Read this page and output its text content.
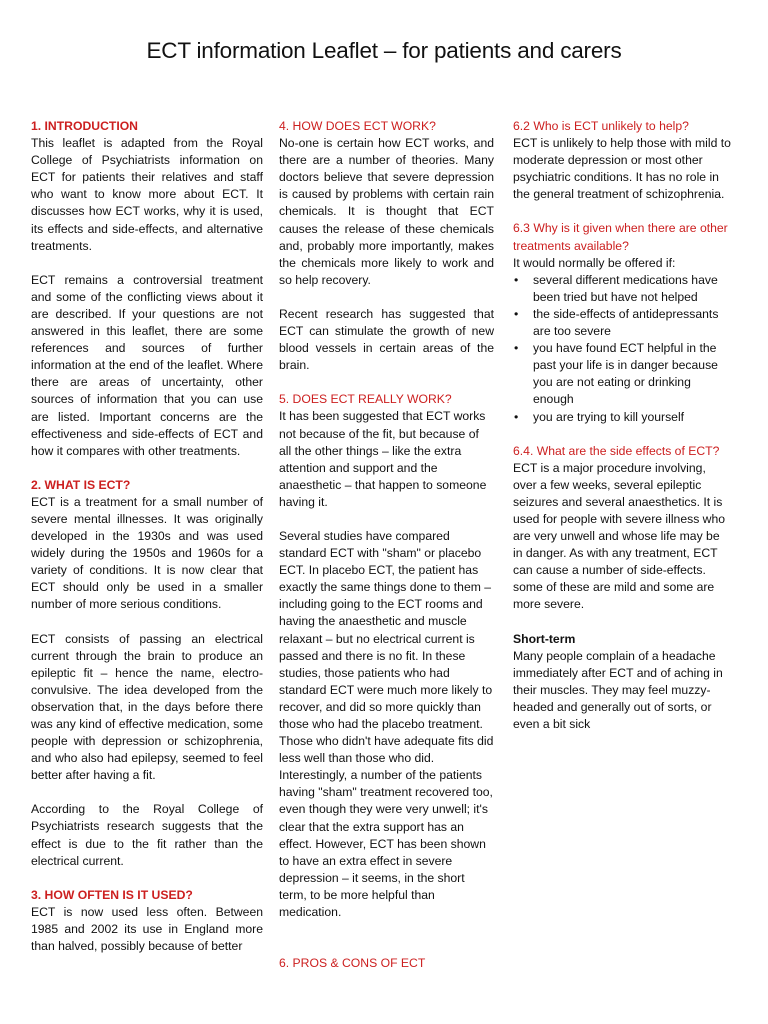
ECT information Leaflet – for patients and carers

1. INTRODUCTION

This leaflet is adapted from the Royal College of Psychiatrists information on ECT for patients their relatives and staff who want to know more about ECT. It discusses how ECT works, why it is used, its effects and side-effects, and alternative treatments.

ECT remains a controversial treatment and some of the conflicting views about it are described. If your questions are not answered in this leaflet, there are some references and sources of further information at the end of the leaflet. Where there are areas of uncertainty, other sources of information that you can use are listed. Important concerns are the effectiveness and side-effects of ECT and how it compares with other treatments.

2. WHAT IS ECT?

ECT is a treatment for a small number of severe mental illnesses. It was originally developed in the 1930s and was used widely during the 1950s and 1960s for a variety of conditions. It is now clear that ECT should only be used in a smaller number of more serious conditions.

ECT consists of passing an electrical current through the brain to produce an epileptic fit – hence the name, electro-convulsive. The idea developed from the observation that, in the days before there was any kind of effective medication, some people with depression or schizophrenia, and who also had epilepsy, seemed to feel better after having a fit.

According to the Royal College of Psychiatrists research suggests that the effect is due to the fit rather than the electrical current.

3. HOW OFTEN IS IT USED?

ECT is now used less often. Between 1985 and 2002 its use in England more than halved, possibly because of better

4. HOW DOES ECT WORK?

No-one is certain how ECT works, and there are a number of theories. Many doctors believe that severe depression is caused by problems with certain rain chemicals. It is thought that ECT causes the release of these chemicals and, probably more importantly, makes the chemicals more likely to work and so help recovery.

Recent research has suggested that ECT can stimulate the growth of new blood vessels in certain areas of the brain.

5. DOES ECT REALLY WORK?

It has been suggested that ECT works not because of the fit, but because of all the other things – like the extra attention and support and the anaesthetic – that happen to someone having it.

Several studies have compared standard ECT with "sham" or placebo ECT. In placebo ECT, the patient has exactly the same things done to them – including going to the ECT rooms and having the anaesthetic and muscle relaxant – but no electrical current is passed and there is no fit. In these studies, those patients who had standard ECT were much more likely to recover, and did so more quickly than those who had the placebo treatment. Those who didn't have adequate fits did less well than those who did. Interestingly, a number of the patients having "sham" treatment recovered too, even though they were very unwell; it's clear that the extra support has an effect. However, ECT has been shown to have an extra effect in severe depression – it seems, in the short term, to be more helpful than medication.

6. PROS & CONS OF ECT

6.2 Who is ECT unlikely to help?

ECT is unlikely to help those with mild to moderate depression or most other psychiatric conditions. It has no role in the general treatment of schizophrenia.

6.3 Why is it given when there are other treatments available?

It would normally be offered if:

• several different medications have been tried but have not helped
• the side-effects of antidepressants are too severe
• you have found ECT helpful in the past your life is in danger because you are not eating or drinking enough
• you are trying to kill yourself

6.4. What are the side effects of ECT?

ECT is a major procedure involving, over a few weeks, several epileptic seizures and several anaesthetics. It is used for people with severe illness who are very unwell and whose life may be in danger. As with any treatment, ECT can cause a number of side-effects. some of these are mild and some are more severe.

Short-term

Many people complain of a headache immediately after ECT and of aching in their muscles. They may feel muzzy-headed and generally out of sorts, or even a bit sick
